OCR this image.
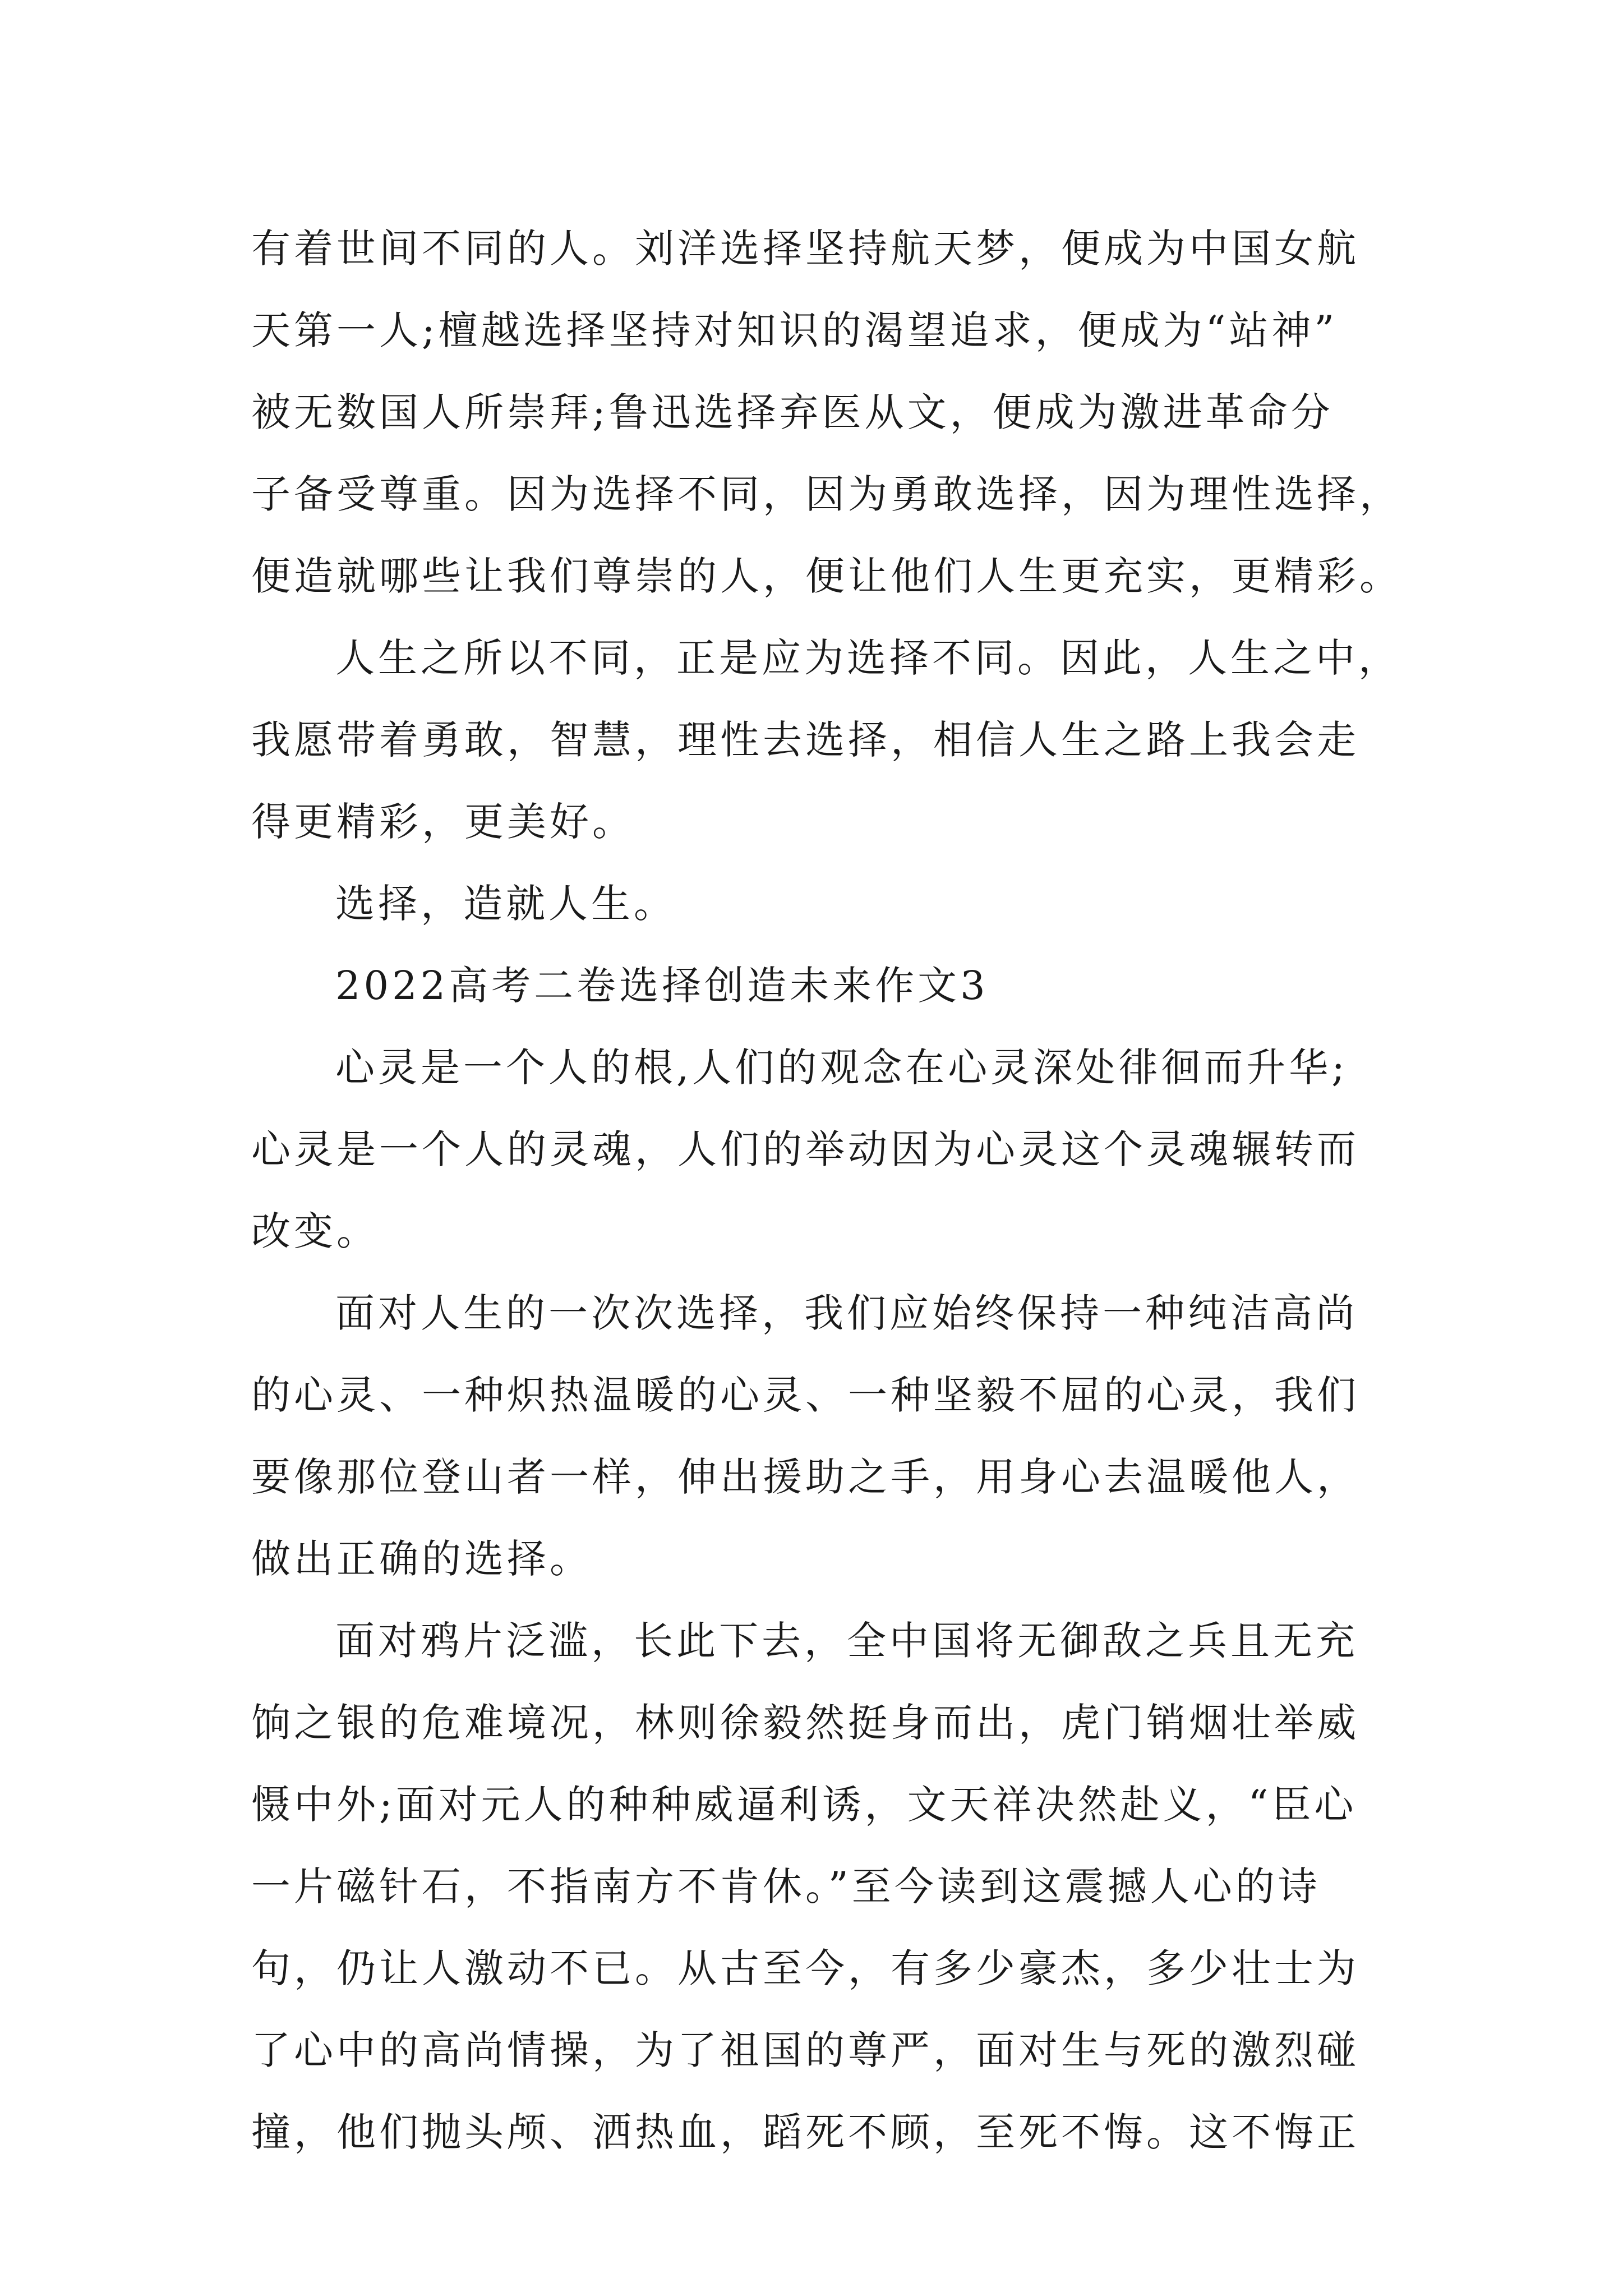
有着世间不同的人。刘洋选择坚持航天梦，便成为中国女航
天第一人;檀越选择坚持对知识的渴望追求，便成为“站神”
被无数国人所崇拜;鲁迅选择弃医从文，便成为激进革命分
子备受尊重。因为选择不同，因为勇敢选择，因为理性选择，
便造就哪些让我们尊崇的人，便让他们人生更充实，更精彩。
人生之所以不同，正是应为选择不同。因此，人生之中，
我愿带着勇敢，智慧，理性去选择，相信人生之路上我会走
得更精彩，更美好。
选择，造就人生。
2022高考二卷选择创造未来作文3
心灵是一个人的根,人们的观念在心灵深处徘徊而升华;
心灵是一个人的灵魂，人们的举动因为心灵这个灵魂辗转而
改变。
面对人生的一次次选择，我们应始终保持一种纯洁高尚
的心灵、一种炽热温暖的心灵、一种坚毅不屈的心灵，我们
要像那位登山者一样，伸出援助之手，用身心去温暖他人，
做出正确的选择。
面对鸦片泛滥，长此下去，全中国将无御敌之兵且无充
饷之银的危难境况，林则徐毅然挺身而出，虎门销烟壮举威
慑中外;面对元人的种种威逼利诱，文天祥决然赴义，“臣心
一片磁针石，不指南方不肯休。”至今读到这震撼人心的诗
句，仍让人激动不已。从古至今，有多少豪杰，多少壮士为
了心中的高尚情操，为了祖国的尊严，面对生与死的激烈碰
撞，他们抛头颅、洒热血，蹈死不顾，至死不悔。这不悔正
